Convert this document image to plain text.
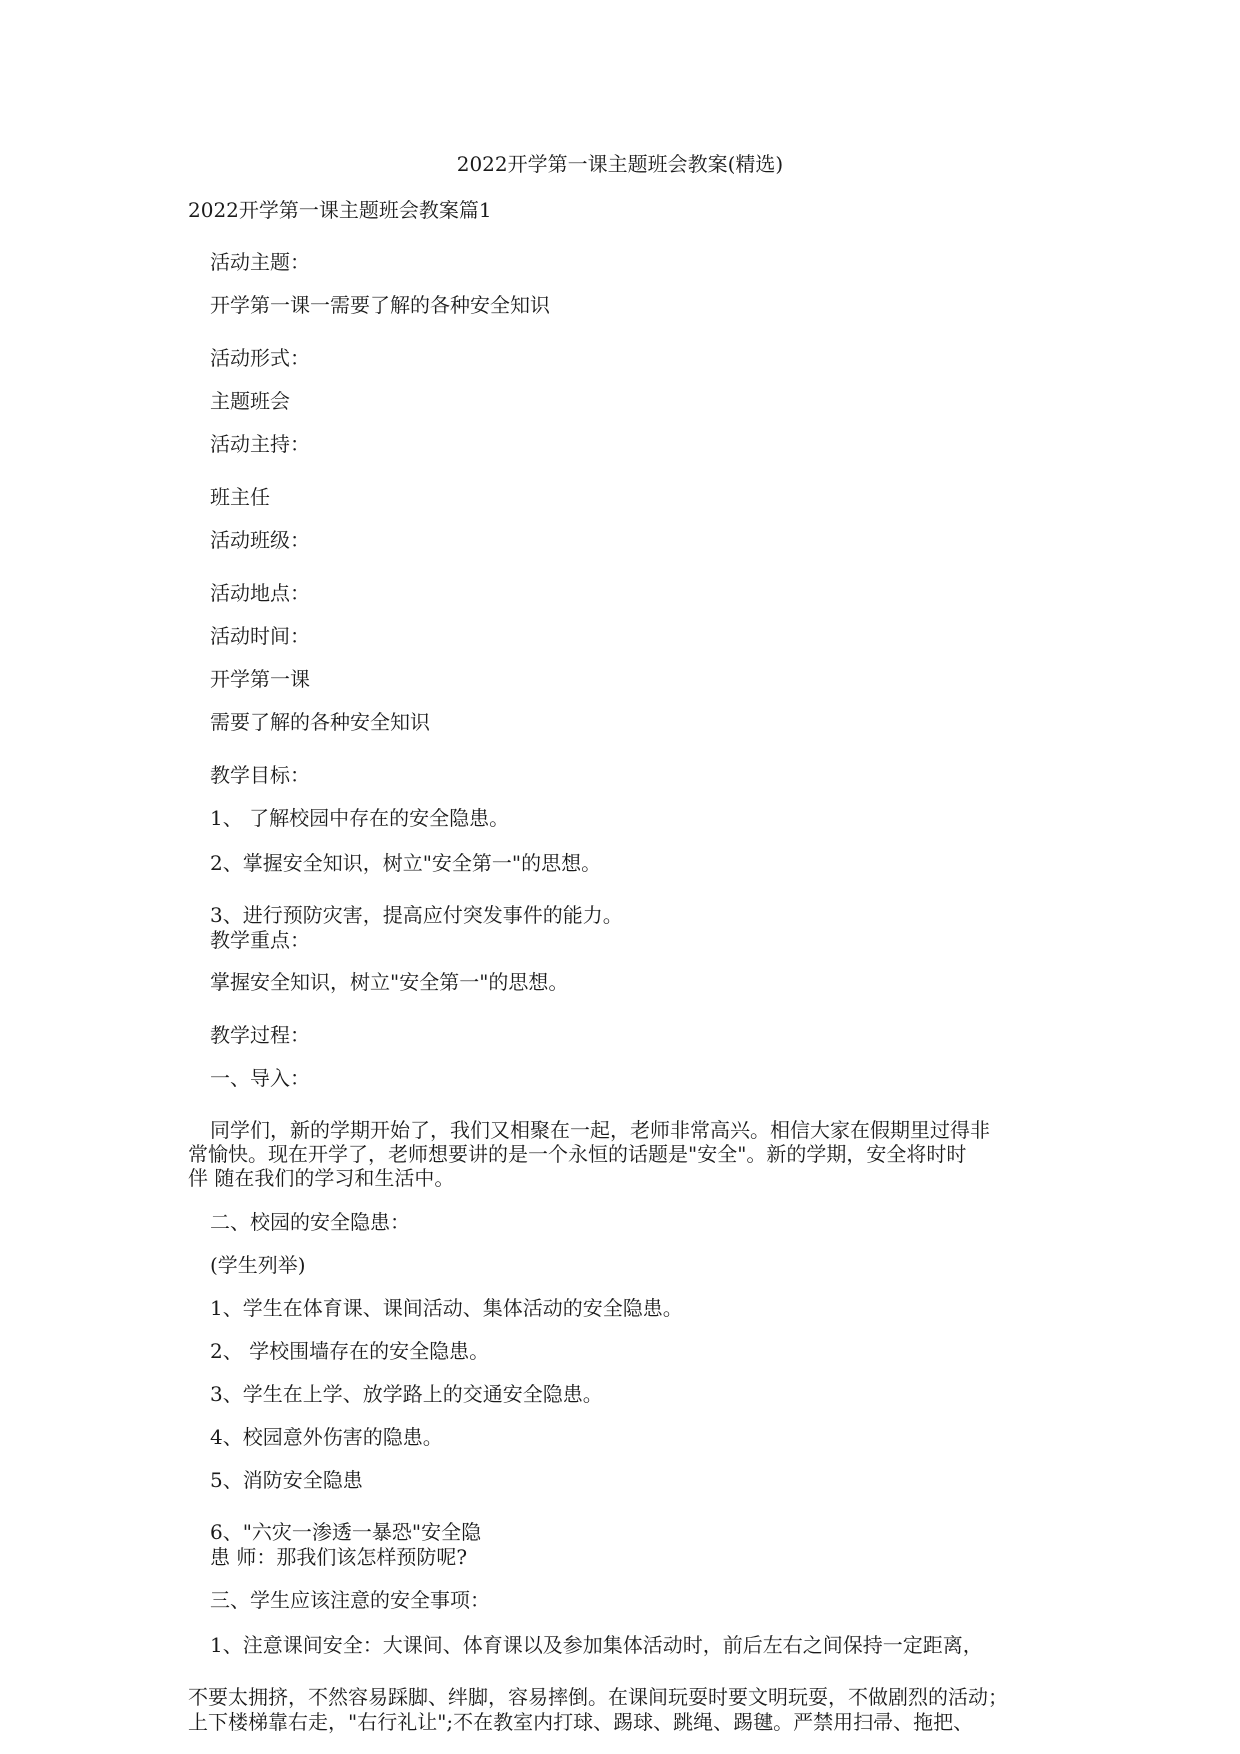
2022开学第一课主题班会教案(精选)
2022开学第一课主题班会教案篇1
活动主题：
开学第一课一需要了解的各种安全知识
活动形式：
主题班会
活动主持：
班主任
活动班级：
活动地点：
活动时间：
开学第一课
需要了解的各种安全知识
教学目标：
1、 了解校园中存在的安全隐患。
2、掌握安全知识，树立"安全第一"的思想。
3、进行预防灾害，提高应付突发事件的能力。
教学重点：
掌握安全知识，树立"安全第一"的思想。
教学过程：
一、导入：
同学们，新的学期开始了，我们又相聚在一起，老师非常高兴。相信大家在假期里过得非
常愉快。现在开学了，老师想要讲的是一个永恒的话题是"安全"。新的学期，安全将时时
伴 随在我们的学习和生活中。
二、校园的安全隐患：
(学生列举)
1、学生在体育课、课间活动、集体活动的安全隐患。
2、 学校围墙存在的安全隐患。
3、学生在上学、放学路上的交通安全隐患。
4、校园意外伤害的隐患。
5、消防安全隐患
6、"六灾一渗透一暴恐"安全隐
患 师：那我们该怎样预防呢?
三、学生应该注意的安全事项：
1、注意课间安全：大课间、体育课以及参加集体活动时，前后左右之间保持一定距离，
不要太拥挤，不然容易踩脚、绊脚，容易摔倒。在课间玩耍时要文明玩耍，不做剧烈的活动；
上下楼梯靠右走，"右行礼让";不在教室内打球、踢球、跳绳、踢毽。严禁用扫帚、拖把、
